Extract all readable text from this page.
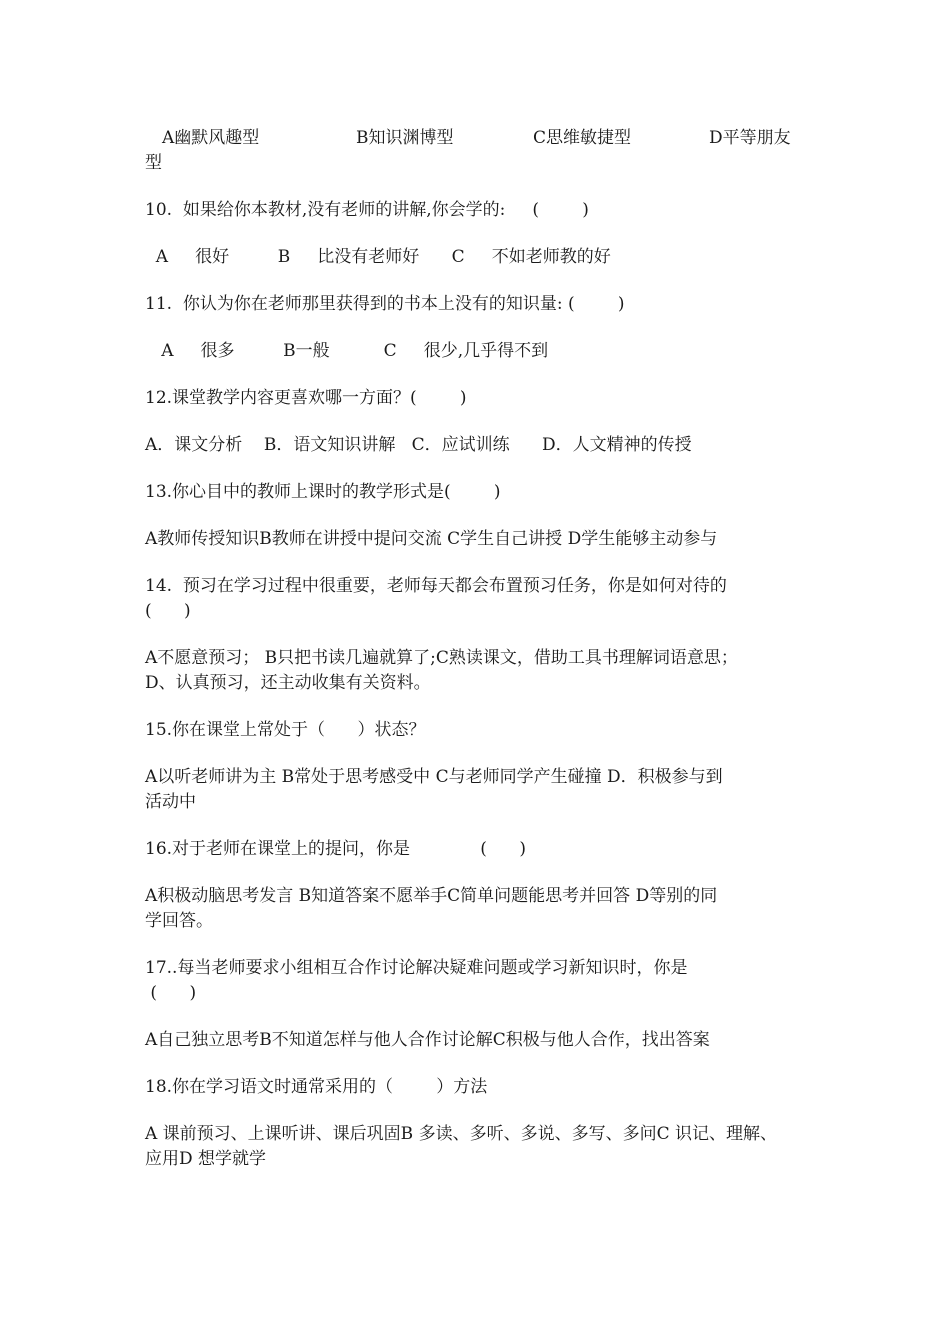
A幽默风趣型	B知识渊博型	C思维敏捷型	D平等朋友
型
10.  如果给你本教材,没有老师的讲解,你会学的:     (        )
A     很好         B     比没有老师好      C     不如老师教的好
11.  你认为你在老师那里获得到的书本上没有的知识量: (        )
A     很多         B一般          C     很少,几乎得不到
12.课堂教学内容更喜欢哪一方面？(        )
A．课文分析    B．语文知识讲解   C．应试训练      D．人文精神的传授
13.你心目中的教师上课时的教学形式是(        )
A教师传授知识B教师在讲授中提问交流 C学生自己讲授 D学生能够主动参与
14.  预习在学习过程中很重要，老师每天都会布置预习任务，你是如何对待的
(      )
A不愿意预习； B只把书读几遍就算了;C熟读课文，借助工具书理解词语意思；
D、认真预习，还主动收集有关资料。
15.你在课堂上常处于（      ）状态？
A以听老师讲为主 B常处于思考感受中 C与老师同学产生碰撞 D．积极参与到
活动中
16.对于老师在课堂上的提问，你是             (      )
A积极动脑思考发言 B知道答案不愿举手C简单问题能思考并回答 D等别的同
学回答。
17..每当老师要求小组相互合作讨论解决疑难问题或学习新知识时，你是
(      )
A自己独立思考B不知道怎样与他人合作讨论解C积极与他人合作，找出答案
18.你在学习语文时通常采用的（        ）方法
A 课前预习、上课听讲、课后巩固B 多读、多听、多说、多写、多问C 识记、理解、
应用D 想学就学
